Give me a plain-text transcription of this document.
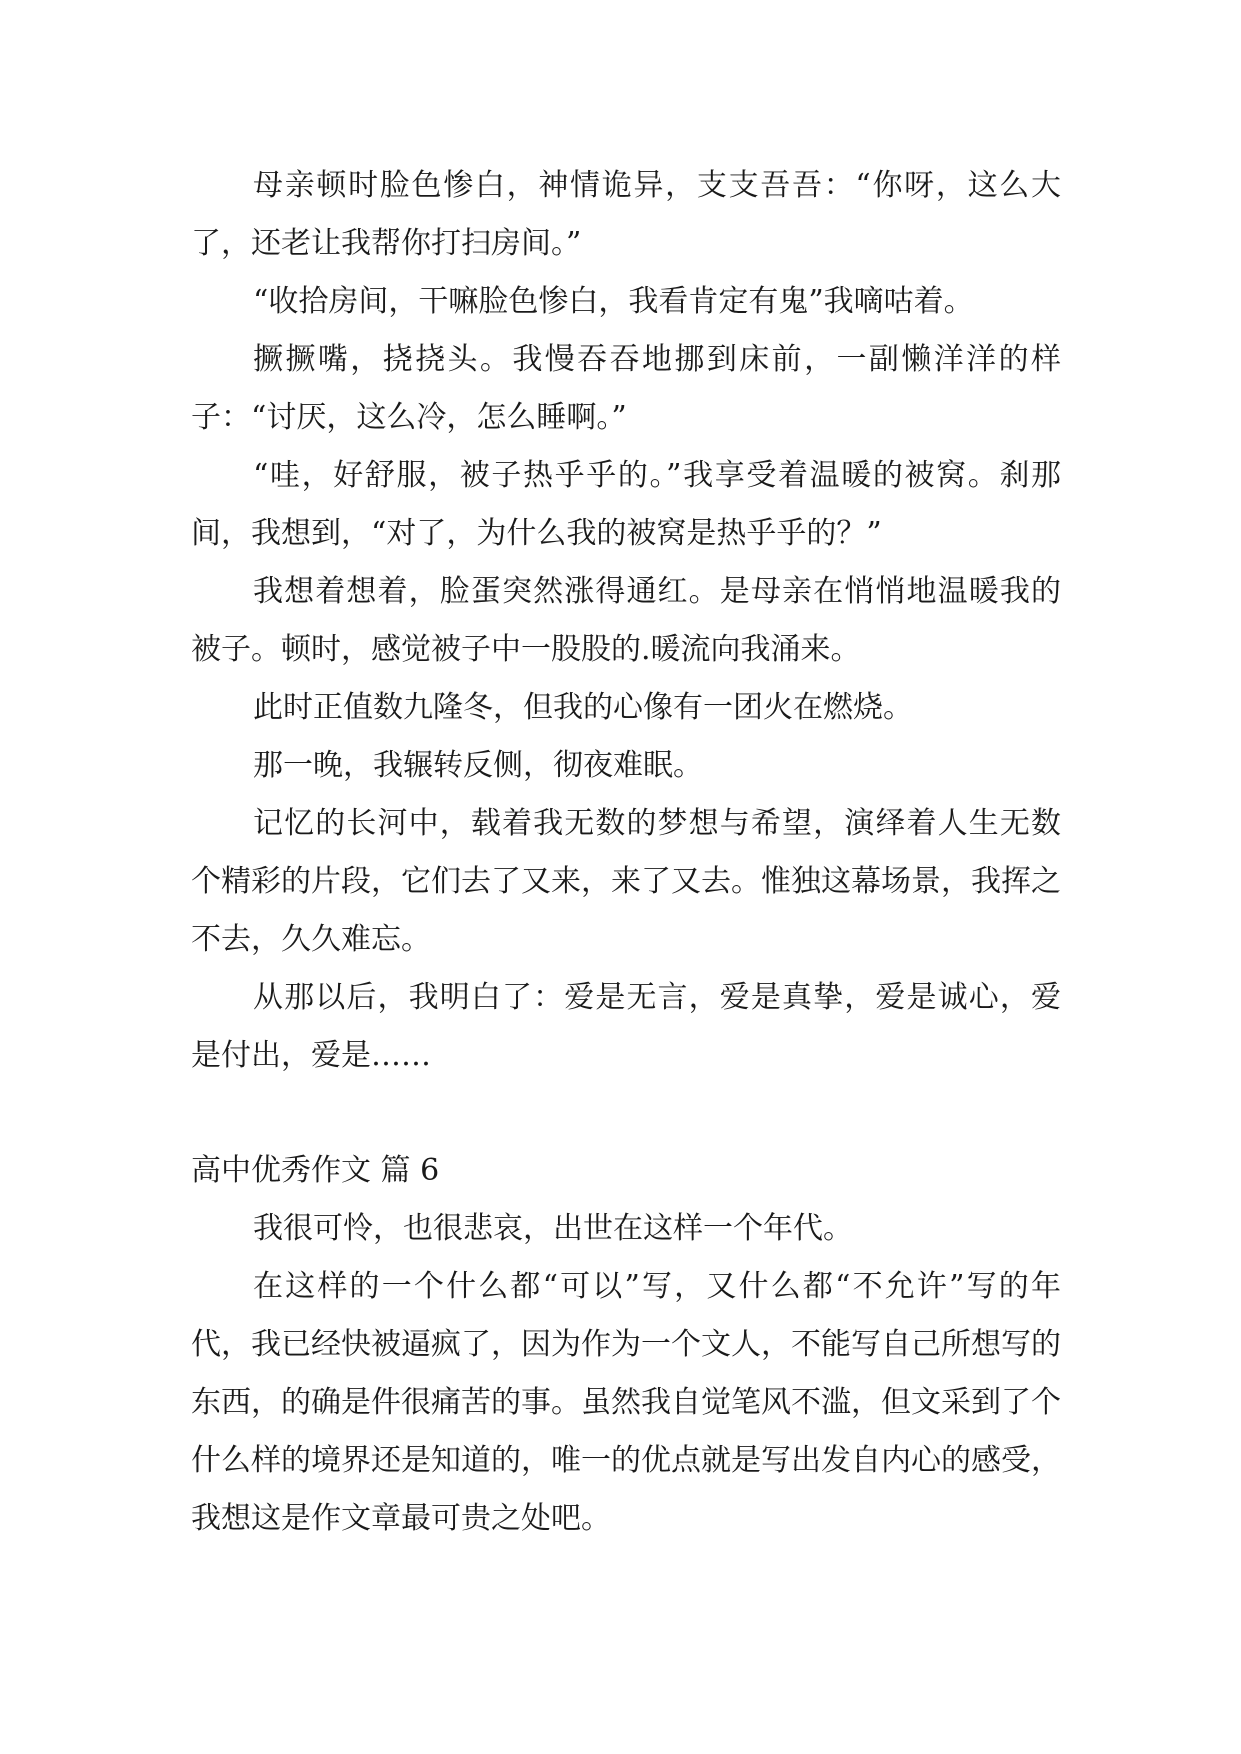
母亲顿时脸色惨白，神情诡异，支支吾吾：“你呀，这么大了，还老让我帮你打扫房间。”

“收拾房间，干嘛脸色惨白，我看肯定有鬼”我嘀咕着。

撅撅嘴，挠挠头。我慢吞吞地挪到床前，一副懒洋洋的样子：“讨厌，这么冷，怎么睡啊。”

“哇，好舒服，被子热乎乎的。”我享受着温暖的被窝。刹那间，我想到，“对了，为什么我的被窝是热乎乎的？”

我想着想着，脸蛋突然涨得通红。是母亲在悄悄地温暖我的被子。顿时，感觉被子中一股股的.暖流向我涌来。

此时正值数九隆冬，但我的心像有一团火在燃烧。

那一晚，我辗转反侧，彻夜难眠。

记忆的长河中，载着我无数的梦想与希望，演绎着人生无数个精彩的片段，它们去了又来，来了又去。惟独这幕场景，我挥之不去，久久难忘。

从那以后，我明白了：爱是无言，爱是真挚，爱是诚心，爱是付出，爱是……

高中优秀作文 篇 6

我很可怜，也很悲哀，出世在这样一个年代。

在这样的一个什么都“可以”写，又什么都“不允许”写的年代，我已经快被逼疯了，因为作为一个文人，不能写自己所想写的东西，的确是件很痛苦的事。虽然我自觉笔风不滥，但文采到了个什么样的境界还是知道的，唯一的优点就是写出发自内心的感受，我想这是作文章最可贵之处吧。
